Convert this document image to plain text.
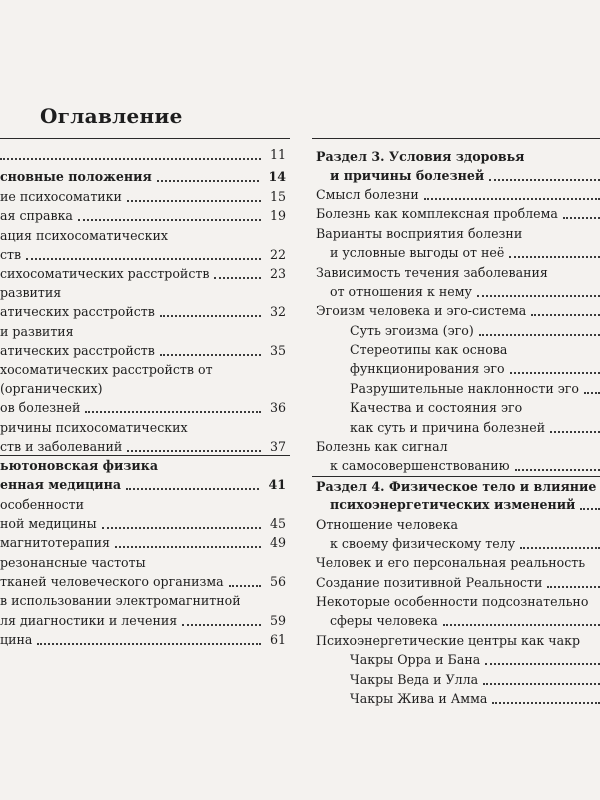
Оглавление
11
сновные положения	14
ие психосоматики	15
ая справка	19
ация психосоматических
ств	22
сихосоматических расстройств	23
развития
атических расстройств	32
и развития
атических расстройств	35
хосоматических расстройств от
(органических)
ов болезней	36
ричины психосоматических
ств и заболеваний	37
ьютоновская физика
енная медицина	41
особенности
ной медицины	45
магнитотерапия	49
резонансные частоты
тканей человеческого организма	56
в использовании электромагнитной
ля диагностики и лечения	59
цина	61
Раздел 3. Условия здоровья
и причины болезней
Смысл болезни
Болезнь как комплексная проблема
Варианты восприятия болезни
и условные выгоды от неё
Зависимость течения заболевания
от отношения к нему
Эгоизм человека и эго-система
Суть эгоизма (эго)
Стереотипы как основа
функционирования эго
Разрушительные наклонности эго
Качества и состояния эго
как суть и причина болезней
Болезнь как сигнал
к самосовершенствованию
Раздел 4. Физическое тело и влияние
психоэнергетических изменений
Отношение человека
к своему физическому телу
Человек и его персональная реальность
Создание позитивной Реальности
Некоторые особенности подсознательно
сферы человека
Психоэнергетические центры как чакр
Чакры Орра и Бана
Чакры Веда и Улла
Чакры Жива и Амма
